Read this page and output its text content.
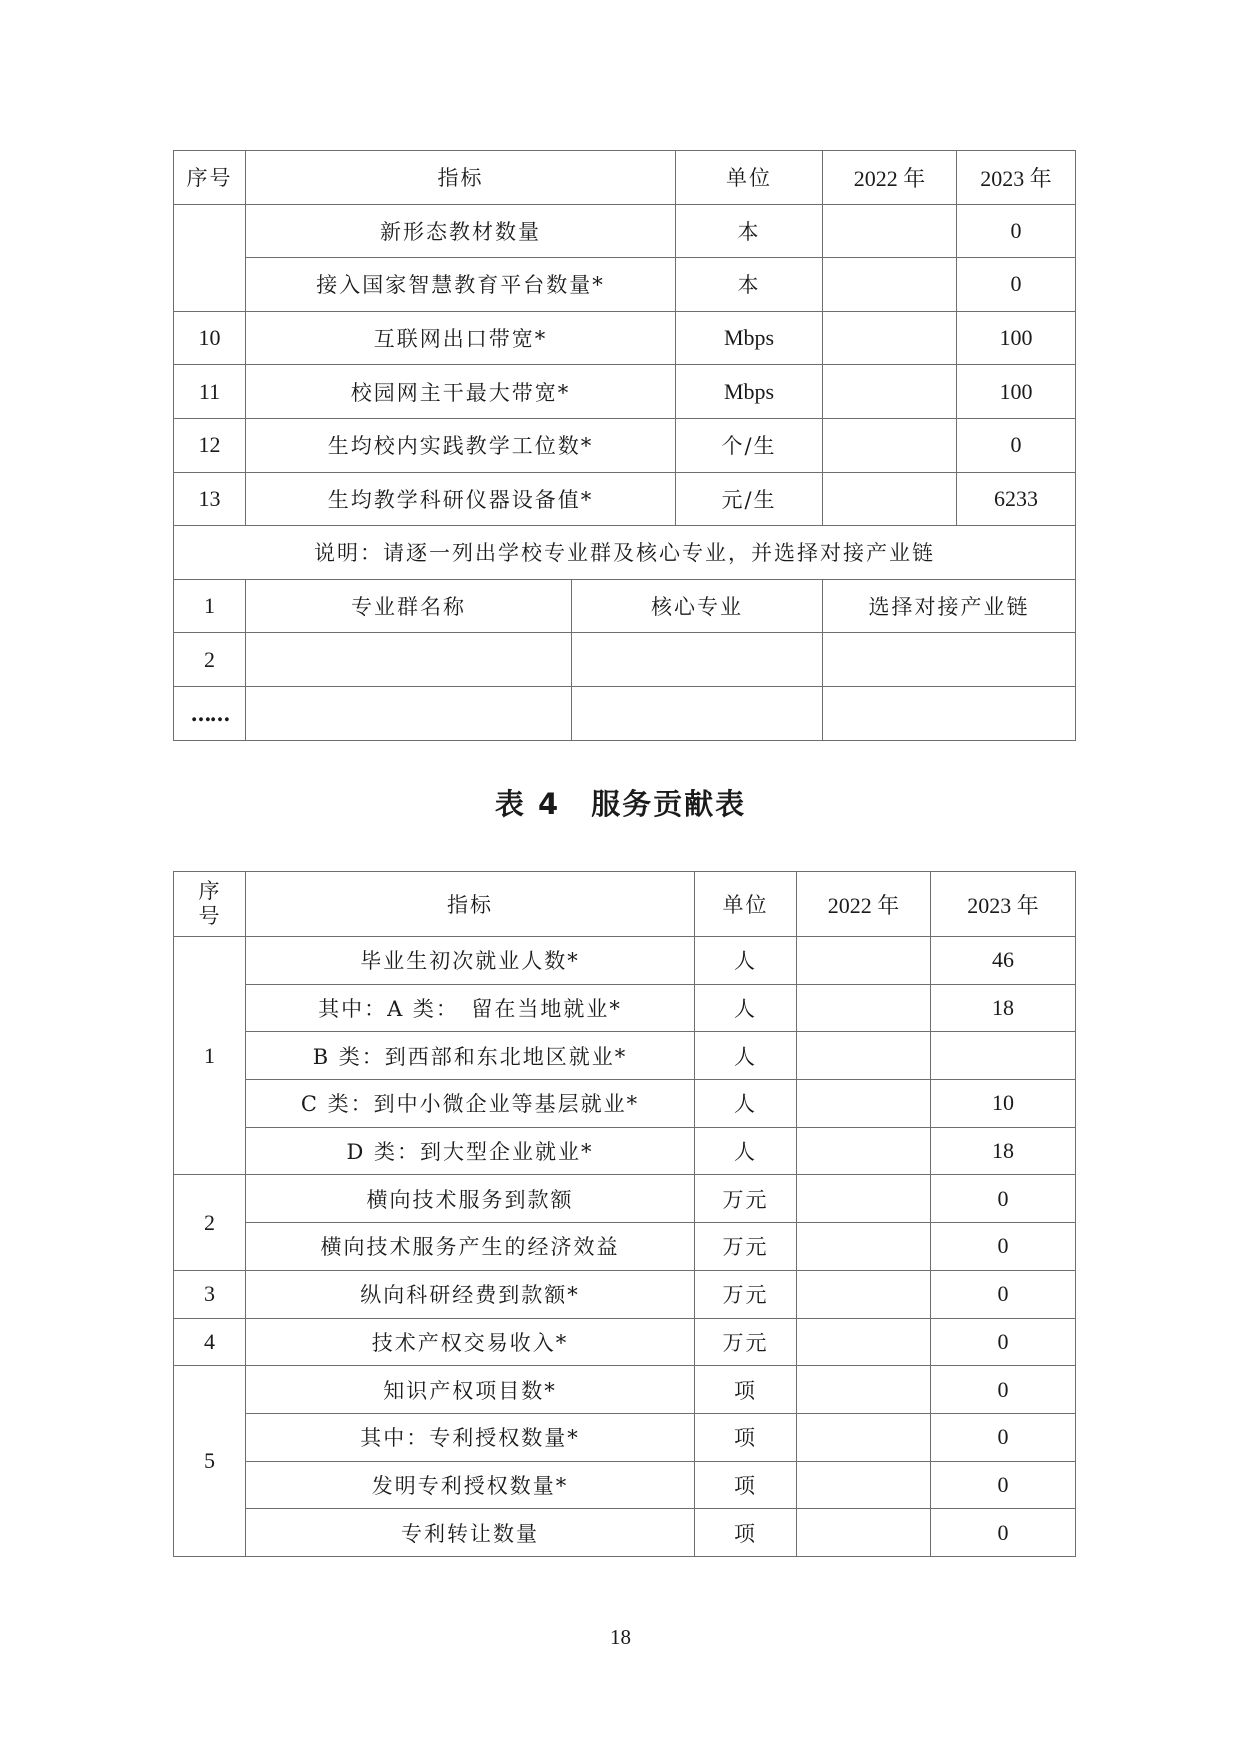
序号	指标		单位	2022 年	2023 年
	新形态教材数量		本		0
	接入国家智慧教育平台数量*		本		0
10	互联网出口带宽*		Mbps		100
11	校园网主干最大带宽*		Mbps		100
12	生均校内实践教学工位数*		个/生		0
13	生均教学科研仪器设备值*		元/生		6233
说明：请逐一列出学校专业群及核心专业，并选择对接产业链					
1	专业群名称	核心专业		选择对接产业链	
2					
……					
表 4　服务贡献表
序号	指标	单位	2022 年	2023 年
1	毕业生初次就业人数*	人		46
	其中：A 类：　留在当地就业*	人		18
	B 类：到西部和东北地区就业*	人		
	C 类：到中小微企业等基层就业*	人		10
	D 类：到大型企业就业*	人		18
2	横向技术服务到款额	万元		0
	横向技术服务产生的经济效益	万元		0
3	纵向科研经费到款额*	万元		0
4	技术产权交易收入*	万元		0
5	知识产权项目数*	项		0
	其中：专利授权数量*	项		0
	发明专利授权数量*	项		0
	专利转让数量	项		0
18
